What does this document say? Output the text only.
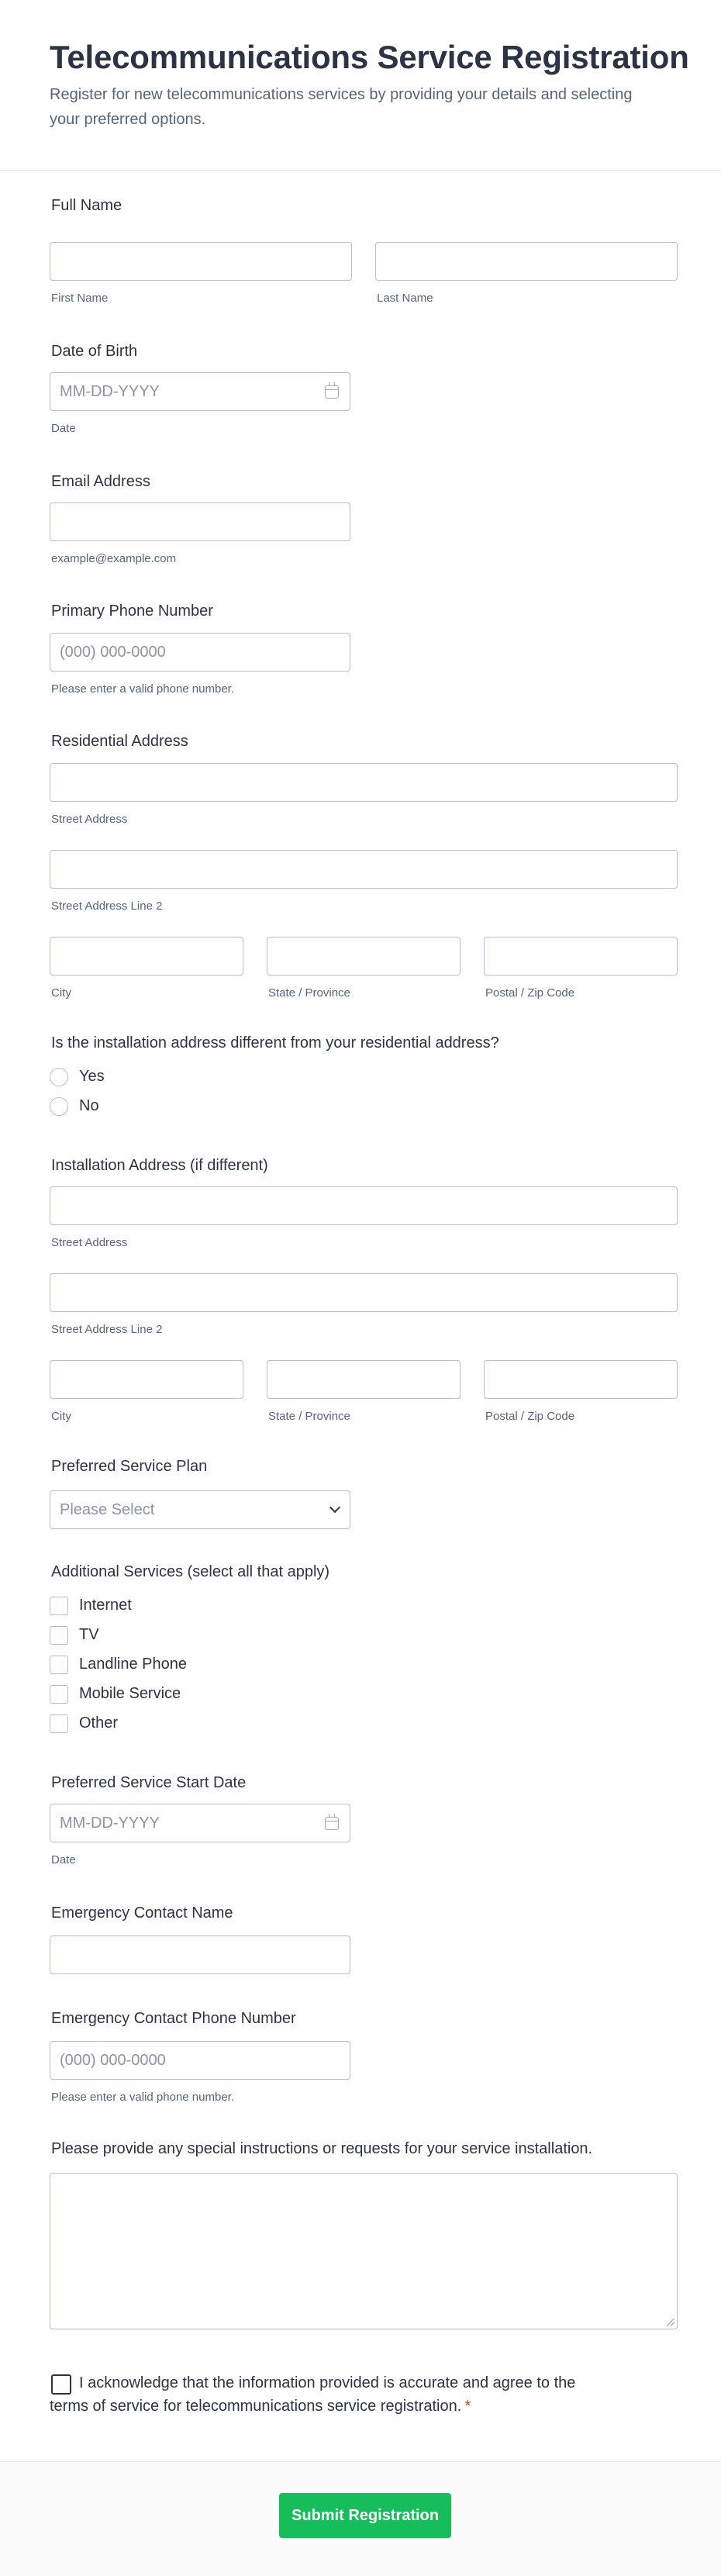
Telecommunications Service Registration

Register for new telecommunications services by providing your details and selecting your preferred options.

Full Name
First Name	Last Name
Date of Birth
MM-DD-YYYY
Date
Email Address
example@example.com
Primary Phone Number
(000) 000-0000
Please enter a valid phone number.
Residential Address
Street Address
Street Address Line 2
City	State / Province	Postal / Zip Code
Is the installation address different from your residential address?
Yes
No
Installation Address (if different)
Street Address
Street Address Line 2
City	State / Province	Postal / Zip Code
Preferred Service Plan
Please Select
Additional Services (select all that apply)
Internet
TV
Landline Phone
Mobile Service
Other
Preferred Service Start Date
MM-DD-YYYY
Date
Emergency Contact Name
Emergency Contact Phone Number
(000) 000-0000
Please enter a valid phone number.
Please provide any special instructions or requests for your service installation.
I acknowledge that the information provided is accurate and agree to the terms of service for telecommunications service registration. *
Submit Registration
